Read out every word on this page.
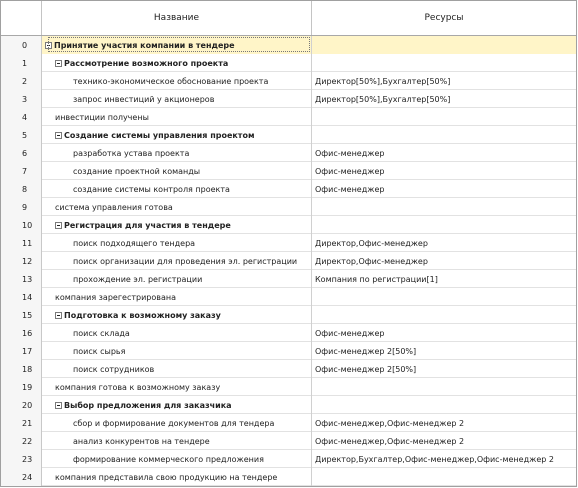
Название	Ресурсы
0	Принятие участия компании в тендере
1	Рассмотрение возможного проекта
2	технико-экономическое обоснование проекта	Директор[50%],Бухгалтер[50%]
3	запрос инвестиций у акционеров	Директор[50%],Бухгалтер[50%]
4	инвестиции получены
5	Создание системы управления проектом
6	разработка устава проекта	Офис-менеджер
7	создание проектной команды	Офис-менеджер
8	создание системы контроля проекта	Офис-менеджер
9	система управления готова
10	Регистрация для участия в тендере
11	поиск подходящего тендера	Директор,Офис-менеджер
12	поиск организации для проведения эл. регистрации	Директор,Офис-менеджер
13	прохождение эл. регистрации	Компания по регистрации[1]
14	компания зарегестрирована
15	Подготовка к возможному заказу
16	поиск склада	Офис-менеджер
17	поиск сырья	Офис-менеджер 2[50%]
18	поиск сотрудников	Офис-менеджер 2[50%]
19	компания готова к возможному заказу
20	Выбор предложения для заказчика
21	сбор и формирование документов для тендера	Офис-менеджер,Офис-менеджер 2
22	анализ конкурентов на тендере	Офис-менеджер,Офис-менеджер 2
23	формирование коммерческого предложения	Директор,Бухгалтер,Офис-менеджер,Офис-менеджер 2
24	компания представила свою продукцию на тендере
